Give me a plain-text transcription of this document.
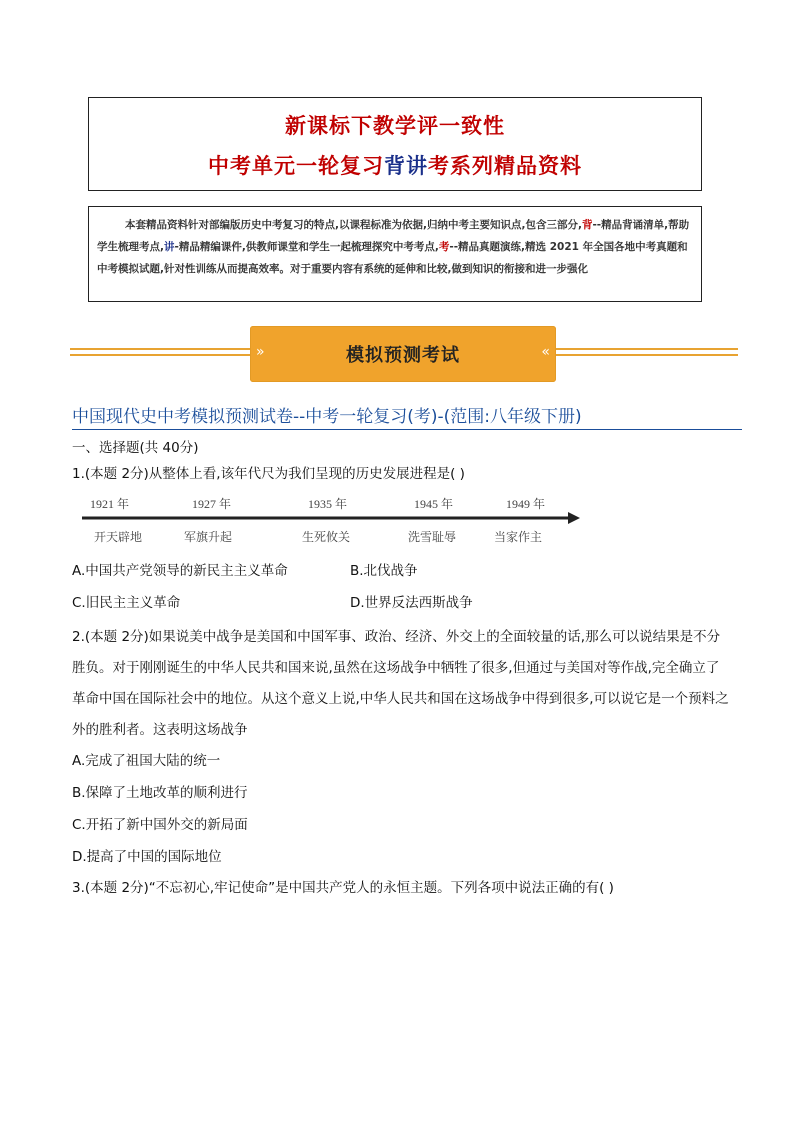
新课标下教学评一致性
中考单元一轮复习背讲考系列精品资料
本套精品资料针对部编版历史中考复习的特点,以课程标准为依据,归纳中考主要知识点,包含三部分,背--精品背诵清单,帮助学生梳理考点,讲-精品精编课件,供教师课堂和学生一起梳理探究中考考点,考--精品真题演练,精选 2021 年全国各地中考真题和中考模拟试题,针对性训练从而提高效率。对于重要内容有系统的延伸和比较,做到知识的衔接和进一步强化
»	模拟预测考试	«
中国现代史中考模拟预测试卷--中考一轮复习(考)-(范围:八年级下册)
一、选择题(共 40分)
1.(本题 2分)从整体上看,该年代尺为我们呈现的历史发展进程是( )
1921 年	1927 年	1935 年	1945 年	1949 年
开天辟地	军旗升起	生死攸关	洗雪耻辱	当家作主
A.中国共产党领导的新民主主义革命	B.北伐战争
C.旧民主主义革命	D.世界反法西斯战争
2.(本题 2分)如果说美中战争是美国和中国军事、政治、经济、外交上的全面较量的话,那么可以说结果是不分胜负。对于刚刚诞生的中华人民共和国来说,虽然在这场战争中牺牲了很多,但通过与美国对等作战,完全确立了革命中国在国际社会中的地位。从这个意义上说,中华人民共和国在这场战争中得到很多,可以说它是一个预料之外的胜利者。这表明这场战争
A.完成了祖国大陆的统一
B.保障了土地改革的顺利进行
C.开拓了新中国外交的新局面
D.提高了中国的国际地位
3.(本题 2分)“不忘初心,牢记使命”是中国共产党人的永恒主题。下列各项中说法正确的有( )
